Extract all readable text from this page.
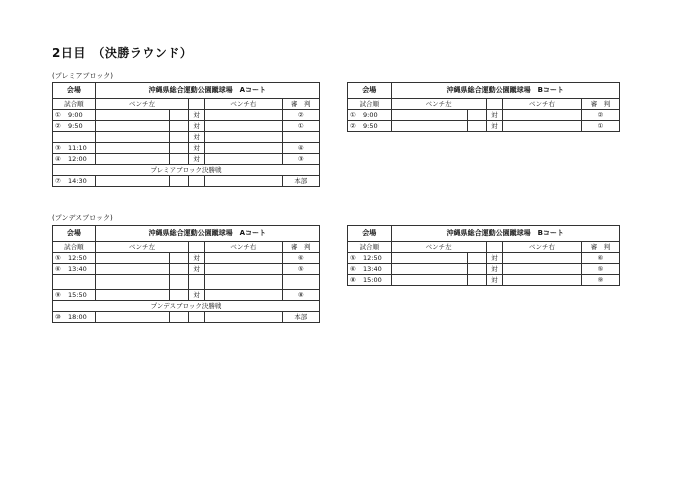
2日目　（決勝ラウンド）
(プレミアブロック)
(プンデスブロック)
会場	沖縄県総合運動公園蹴球場　Aコート				
試合順	ベンチ左			ベンチ右	審　判
① 9:00			対		②
② 9:50			対		①
			対		
③ 11:10			対		④
④ 12:00			対		③
プレミアブロック決勝戦					
⑦ 14:30					本部
会場	沖縄県総合運動公園蹴球場　Bコート				
試合順	ベンチ左			ベンチ右	審　判
① 9:00			対		②
② 9:50			対		①
会場	沖縄県総合運動公園蹴球場　Aコート				
試合順	ベンチ左			ベンチ右	審　判
⑤ 12:50			対		⑥
⑥ 13:40			対		⑤

⑨ 15:50			対		⑧
プンデスブロック決勝戦					
⑩ 18:00					本部
会場	沖縄県総合運動公園蹴球場　Bコート				
試合順	ベンチ左			ベンチ右	審　判
⑤ 12:50			対		⑥
⑥ 13:40			対		⑤
⑧ 15:00			対		⑨
